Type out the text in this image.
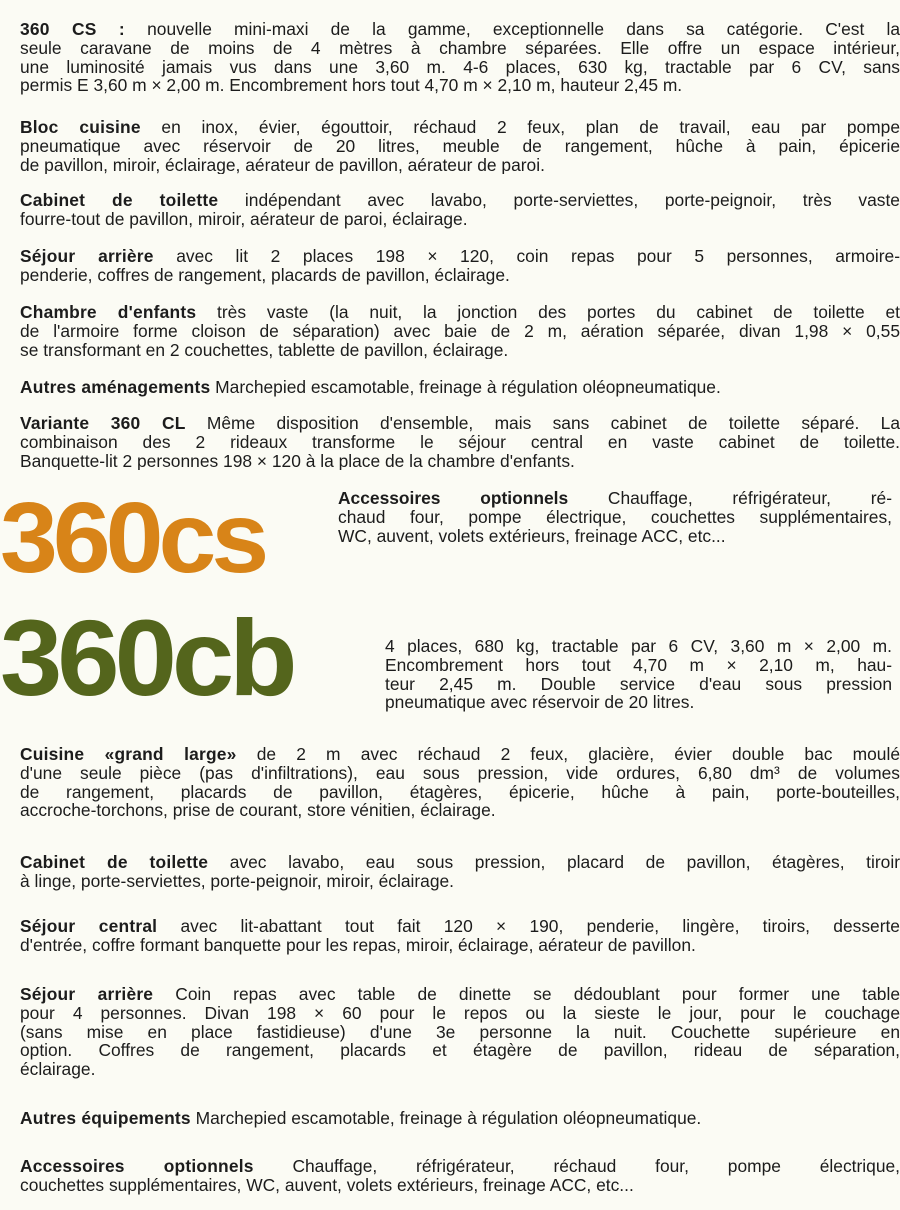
360 CS : nouvelle mini-maxi de la gamme, exceptionnelle dans sa catégorie. C'est la
seule caravane de moins de 4 mètres à chambre séparées. Elle offre un espace intérieur,
une luminosité jamais vus dans une 3,60 m. 4-6 places, 630 kg, tractable par 6 CV, sans
permis E 3,60 m × 2,00 m. Encombrement hors tout 4,70 m × 2,10 m, hauteur 2,45 m.
Bloc cuisine en inox, évier, égouttoir, réchaud 2 feux, plan de travail, eau par pompe
pneumatique avec réservoir de 20 litres, meuble de rangement, hûche à pain, épicerie
de pavillon, miroir, éclairage, aérateur de pavillon, aérateur de paroi.
Cabinet de toilette indépendant avec lavabo, porte-serviettes, porte-peignoir, très vaste
fourre-tout de pavillon, miroir, aérateur de paroi, éclairage.
Séjour arrière avec lit 2 places 198 × 120, coin repas pour 5 personnes, armoire-
penderie, coffres de rangement, placards de pavillon, éclairage.
Chambre d'enfants très vaste (la nuit, la jonction des portes du cabinet de toilette et
de l'armoire forme cloison de séparation) avec baie de 2 m, aération séparée, divan 1,98 × 0,55
se transformant en 2 couchettes, tablette de pavillon, éclairage.
Autres aménagements Marchepied escamotable, freinage à régulation oléopneumatique.
Variante 360 CL Même disposition d'ensemble, mais sans cabinet de toilette séparé. La
combinaison des 2 rideaux transforme le séjour central en vaste cabinet de toilette.
Banquette-lit 2 personnes 198 × 120 à la place de la chambre d'enfants.
Cuisine «grand large» de 2 m avec réchaud 2 feux, glacière, évier double bac moulé
d'une seule pièce (pas d'infiltrations), eau sous pression, vide ordures, 6,80 dm³ de volumes
de rangement, placards de pavillon, étagères, épicerie, hûche à pain, porte-bouteilles,
accroche-torchons, prise de courant, store vénitien, éclairage.
Cabinet de toilette avec lavabo, eau sous pression, placard de pavillon, étagères, tiroir
à linge, porte-serviettes, porte-peignoir, miroir, éclairage.
Séjour central avec lit-abattant tout fait 120 × 190, penderie, lingère, tiroirs, desserte
d'entrée, coffre formant banquette pour les repas, miroir, éclairage, aérateur de pavillon.
Séjour arrière Coin repas avec table de dinette se dédoublant pour former une table
pour 4 personnes. Divan 198 × 60 pour le repos ou la sieste le jour, pour le couchage
(sans mise en place fastidieuse) d'une 3e personne la nuit. Couchette supérieure en
option. Coffres de rangement, placards et étagère de pavillon, rideau de séparation,
éclairage.
Autres équipements Marchepied escamotable, freinage à régulation oléopneumatique.
Accessoires optionnels Chauffage, réfrigérateur, réchaud four, pompe électrique,
couchettes supplémentaires, WC, auvent, volets extérieurs, freinage ACC, etc...
360cs
360cb
Accessoires optionnels Chauffage, réfrigérateur, ré-
chaud four, pompe électrique, couchettes supplémentaires,
WC, auvent, volets extérieurs, freinage ACC, etc...
4 places, 680 kg, tractable par 6 CV, 3,60 m × 2,00 m.
Encombrement hors tout 4,70 m × 2,10 m, hau-
teur 2,45 m. Double service d'eau sous pression
pneumatique avec réservoir de 20 litres.
